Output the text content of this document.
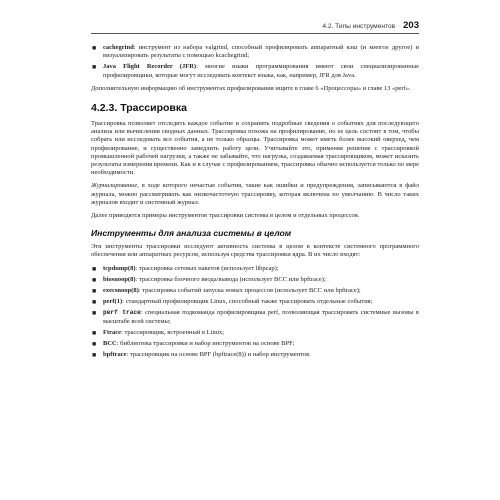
4.2. Типы инструментов 203
■ cachegrind: инструмент из набора valgrind, способный профилировать аппаратный кэш (и многое другое) и визуализировать результаты с помощью kcachegrind;
■ Java Flight Recorder (JFR): многие языки программирования имеют свои специализированные профилировщики, которые могут исследовать контекст языка, как, например, JFR для Java.

Дополнительную информацию об инструментах профилирования ищите в главе 6 «Процессоры» и главе 13 «perf».

4.2.3. Трассировка

Трассировка позволяет отследить каждое событие и сохранить подробные сведения о событиях для последующего анализа или вычисления сводных данных. Трассировка похожа на профилирование, но ее цель состоит в том, чтобы собрать или исследовать все события, а не только образцы. Трассировка может иметь более высокий оверхед, чем профилирование, и существенно замедлить работу цели. Учитывайте это, применяя решение с трассировкой промышленной рабочей нагрузки, а также не забывайте, что нагрузка, создаваемая трассировщиком, может исказить результаты измерения времени. Как и в случае с профилированием, трассировка обычно используется только по мере необходимости.

Журналирование, в ходе которого нечастые события, такие как ошибки и предупреждения, записываются в файл журнала, можно рассматривать как низкочастотную трассировку, которая включена по умолчанию. В число таких журналов входит и системный журнал.

Далее приводятся примеры инструментов трассировки системы в целом и отдельных процессов.

Инструменты для анализа системы в целом

Эти инструменты трассировки исследуют активность системы в целом в контексте системного программного обеспечения или аппаратных ресурсов, используя средства трассировки ядра. В их число входят:

■ tcpdump(8): трассировка сетевых пакетов (использует libpcap);
■ biosnoop(8): трассировка блочного ввода/вывода (использует BCC или bpftrace);
■ execsnoop(8): трассировка событий запуска новых процессов (использует BCC или bpftrace);
■ perf(1): стандартный профилировщик Linux, способный также трассировать отдельные события;
■ perf trace: специальная подкоманда профилировщика perf, позволяющая трассировать системные вызовы в масштабе всей системы;
■ Ftrace: трассировщик, встроенный в Linux;
■ BCC: библиотека трассировки и набор инструментов на основе BPF;
■ bpftrace: трассировщик на основе BPF (bpftrace(8)) и набор инструментов.
